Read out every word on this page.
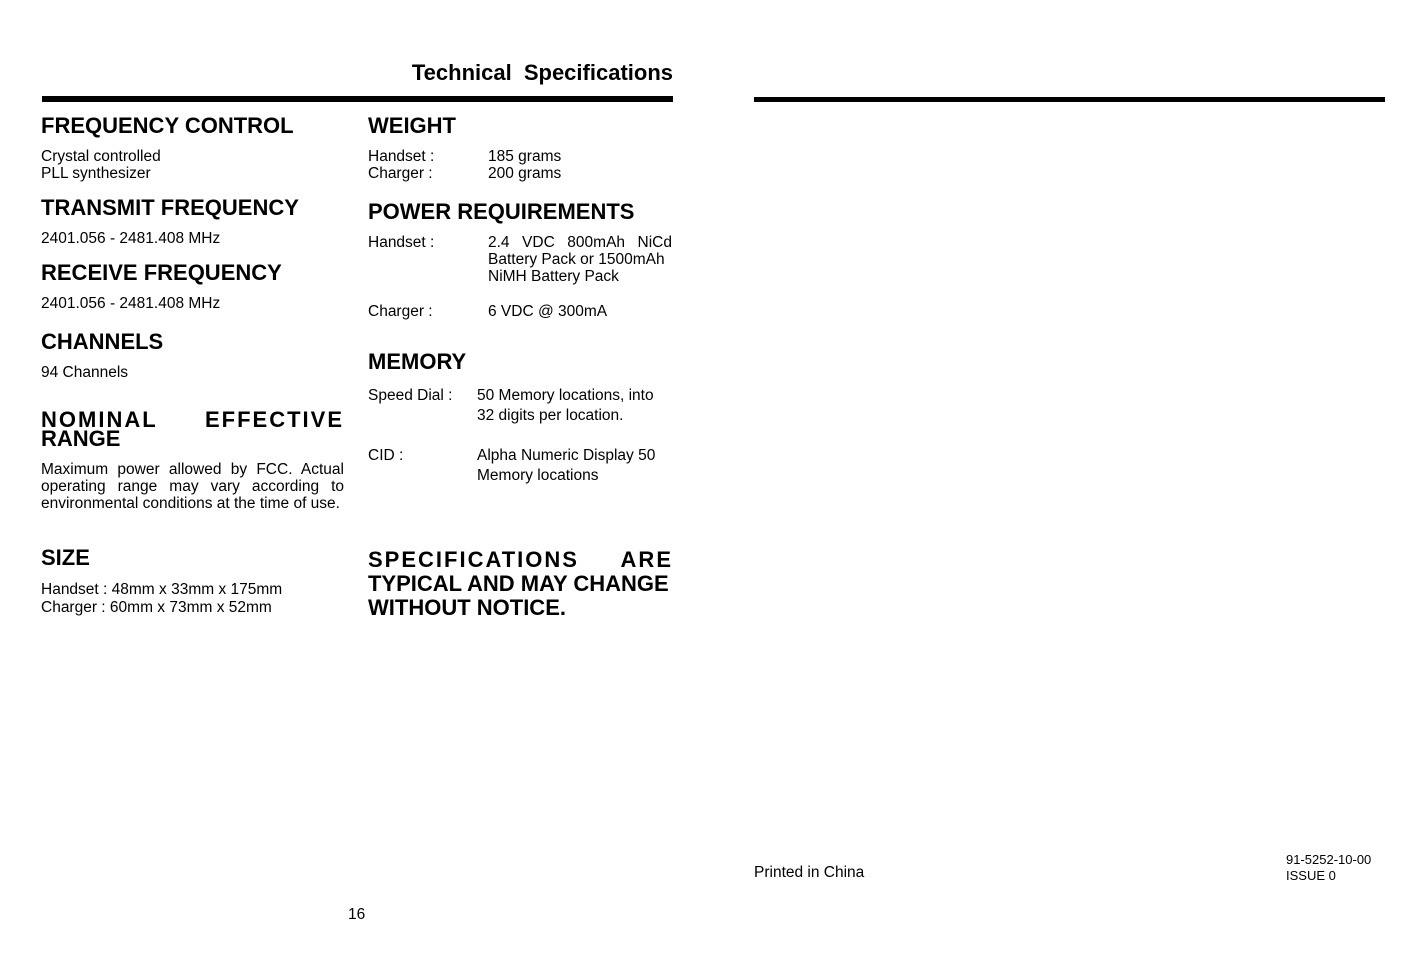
Technical Specifications
FREQUENCY CONTROL
Crystal controlled
PLL synthesizer
TRANSMIT FREQUENCY
2401.056 - 2481.408 MHz
RECEIVE FREQUENCY
2401.056 - 2481.408 MHz
CHANNELS
94 Channels
NOMINAL EFFECTIVE
RANGE
Maximum power allowed by FCC. Actual operating range may vary according to environmental conditions at the time of use.
SIZE
Handset : 48mm x 33mm x 175mm
Charger : 60mm x 73mm x 52mm
WEIGHT
Handset :	185 grams
Charger :	200 grams
POWER REQUIREMENTS
Handset :	2.4  VDC  800mAh  NiCd
Battery Pack or 1500mAh
NiMH Battery Pack
Charger :	6 VDC @ 300mA
MEMORY
Speed Dial : 50 Memory locations, into
32 digits per location.
CID :	Alpha Numeric Display 50
Memory locations
SPECIFICATIONS ARE
TYPICAL AND MAY CHANGE
WITHOUT NOTICE.
16
Printed in China
91-5252-10-00
ISSUE 0
